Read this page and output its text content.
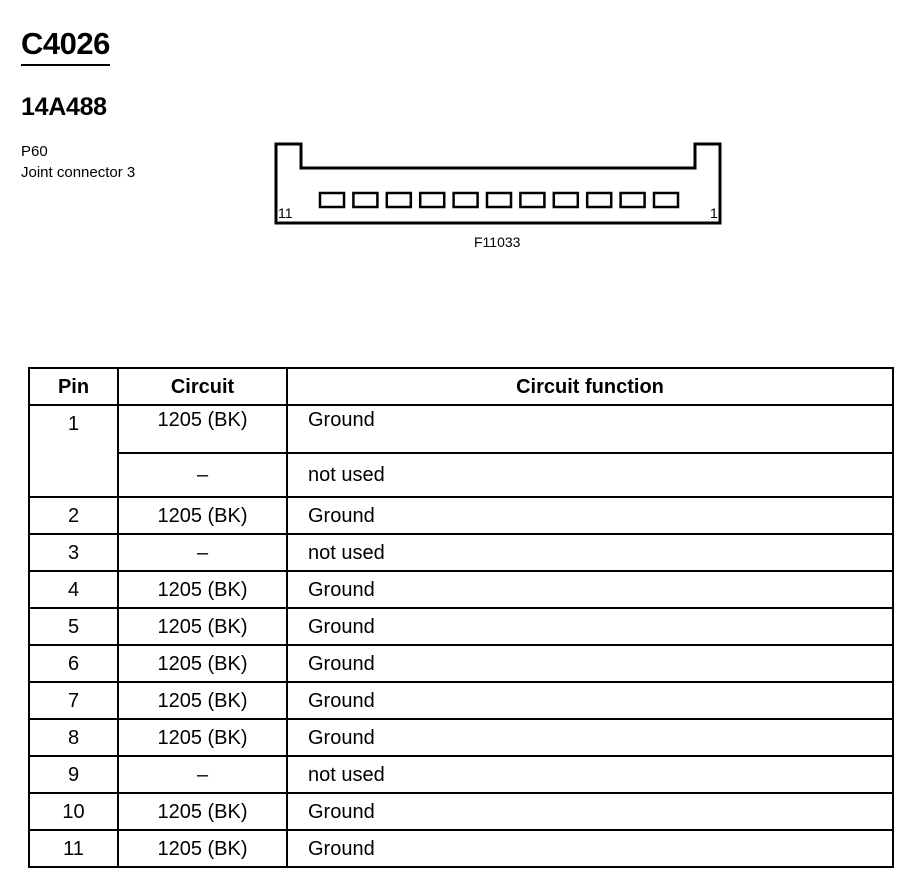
C4026
14A488
P60
Joint connector 3
11	1
F11033
Pin	Circuit	Circuit function
1	1205 (BK)	Ground
	–	not used
2	1205 (BK)	Ground
3	–	not used
4	1205 (BK)	Ground
5	1205 (BK)	Ground
6	1205 (BK)	Ground
7	1205 (BK)	Ground
8	1205 (BK)	Ground
9	–	not used
10	1205 (BK)	Ground
11	1205 (BK)	Ground
